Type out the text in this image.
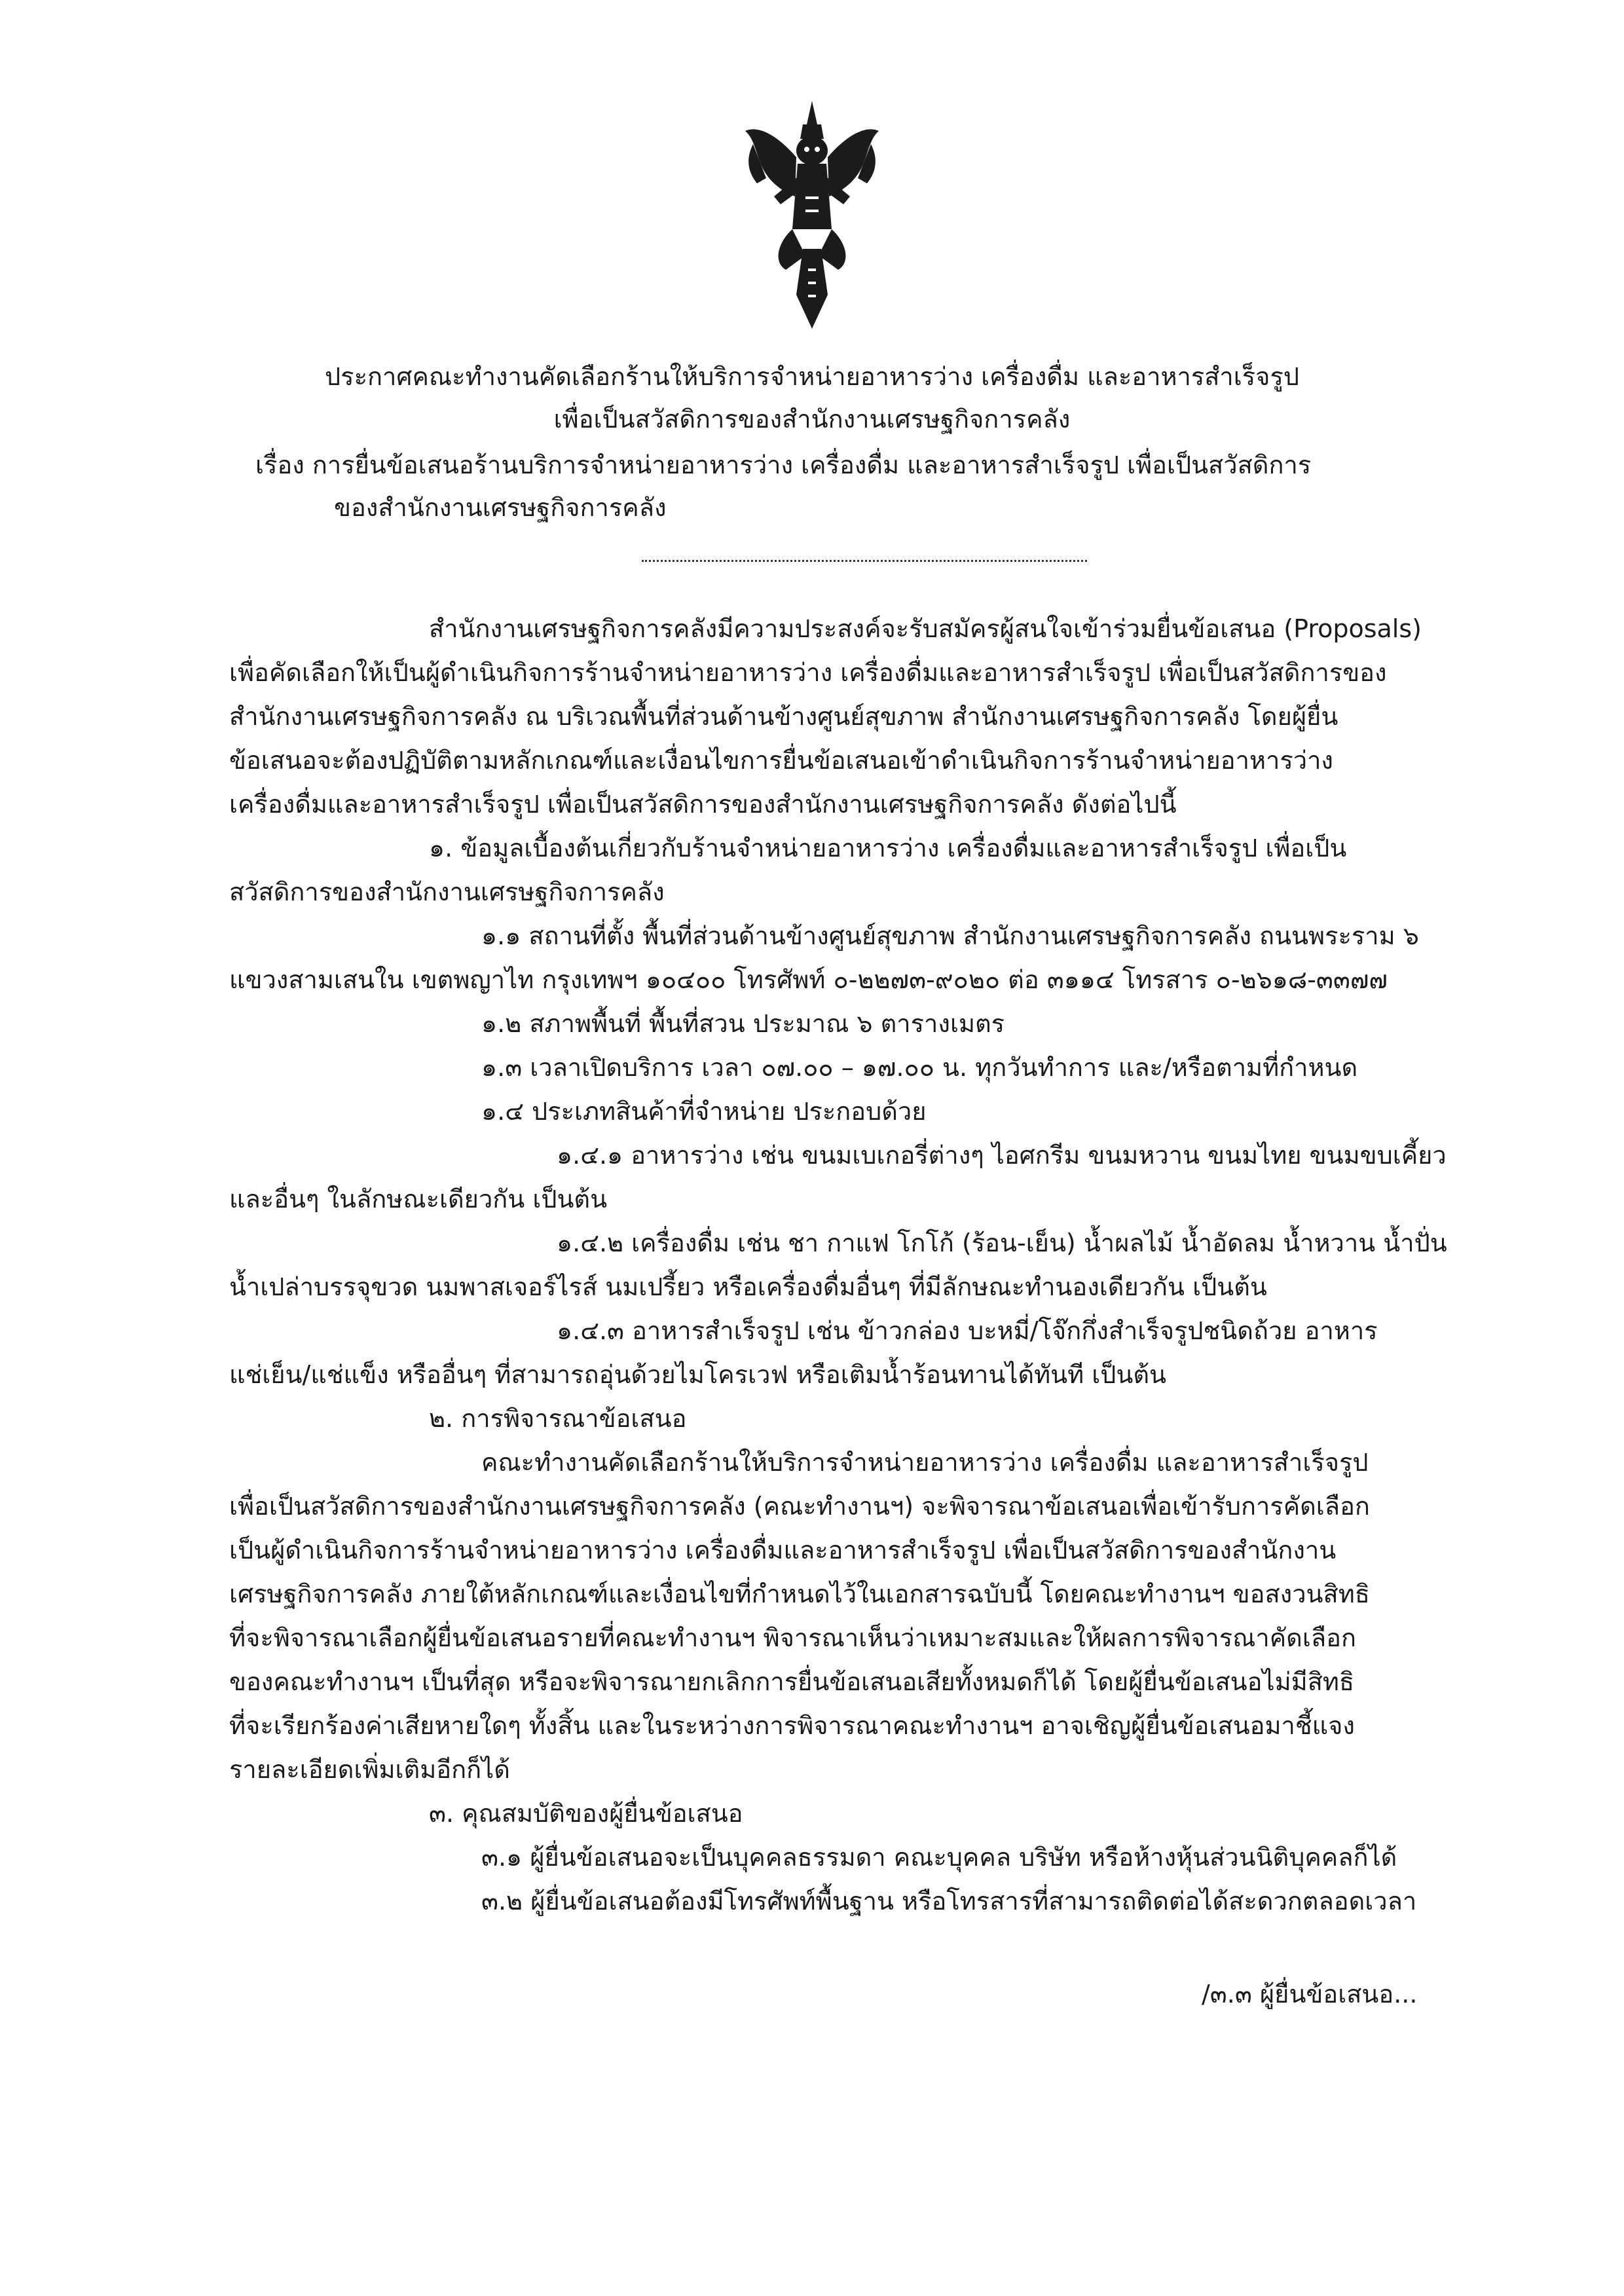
ประกาศคณะทำงานคัดเลือกร้านให้บริการจำหน่ายอาหารว่าง เครื่องดื่ม และอาหารสำเร็จรูป
เพื่อเป็นสวัสดิการของสำนักงานเศรษฐกิจการคลัง
เรื่อง การยื่นข้อเสนอร้านบริการจำหน่ายอาหารว่าง เครื่องดื่ม และอาหารสำเร็จรูป เพื่อเป็นสวัสดิการ
ของสำนักงานเศรษฐกิจการคลัง
สำนักงานเศรษฐกิจการคลังมีความประสงค์จะรับสมัครผู้สนใจเข้าร่วมยื่นข้อเสนอ (Proposals)
เพื่อคัดเลือกให้เป็นผู้ดำเนินกิจการร้านจำหน่ายอาหารว่าง เครื่องดื่มและอาหารสำเร็จรูป เพื่อเป็นสวัสดิการของ
สำนักงานเศรษฐกิจการคลัง ณ บริเวณพื้นที่ส่วนด้านข้างศูนย์สุขภาพ สำนักงานเศรษฐกิจการคลัง โดยผู้ยื่น
ข้อเสนอจะต้องปฏิบัติตามหลักเกณฑ์และเงื่อนไขการยื่นข้อเสนอเข้าดำเนินกิจการร้านจำหน่ายอาหารว่าง
เครื่องดื่มและอาหารสำเร็จรูป เพื่อเป็นสวัสดิการของสำนักงานเศรษฐกิจการคลัง ดังต่อไปนี้
๑. ข้อมูลเบื้องต้นเกี่ยวกับร้านจำหน่ายอาหารว่าง เครื่องดื่มและอาหารสำเร็จรูป เพื่อเป็น
สวัสดิการของสำนักงานเศรษฐกิจการคลัง
๑.๑ สถานที่ตั้ง พื้นที่ส่วนด้านข้างศูนย์สุขภาพ สำนักงานเศรษฐกิจการคลัง ถนนพระราม ๖
แขวงสามเสนใน เขตพญาไท กรุงเทพฯ ๑๐๔๐๐ โทรศัพท์ ๐-๒๒๗๓-๙๐๒๐ ต่อ ๓๑๑๔ โทรสาร ๐-๒๖๑๘-๓๓๗๗
๑.๒ สภาพพื้นที่ พื้นที่สวน ประมาณ ๖ ตารางเมตร
๑.๓ เวลาเปิดบริการ เวลา ๐๗.๐๐ – ๑๗.๐๐ น. ทุกวันทำการ และ/หรือตามที่กำหนด
๑.๔ ประเภทสินค้าที่จำหน่าย ประกอบด้วย
๑.๔.๑ อาหารว่าง เช่น ขนมเบเกอรี่ต่างๆ ไอศกรีม ขนมหวาน ขนมไทย ขนมขบเคี้ยว
และอื่นๆ ในลักษณะเดียวกัน เป็นต้น
๑.๔.๒ เครื่องดื่ม เช่น ชา กาแฟ โกโก้ (ร้อน-เย็น) น้ำผลไม้ น้ำอัดลม น้ำหวาน น้ำปั่น
น้ำเปล่าบรรจุขวด นมพาสเจอร์ไรส์ นมเปรี้ยว หรือเครื่องดื่มอื่นๆ ที่มีลักษณะทำนองเดียวกัน เป็นต้น
๑.๔.๓ อาหารสำเร็จรูป เช่น ข้าวกล่อง บะหมี่/โจ๊กกึ่งสำเร็จรูปชนิดถ้วย อาหาร
แช่เย็น/แช่แข็ง หรืออื่นๆ ที่สามารถอุ่นด้วยไมโครเวฟ หรือเติมน้ำร้อนทานได้ทันที เป็นต้น
๒. การพิจารณาข้อเสนอ
คณะทำงานคัดเลือกร้านให้บริการจำหน่ายอาหารว่าง เครื่องดื่ม และอาหารสำเร็จรูป
เพื่อเป็นสวัสดิการของสำนักงานเศรษฐกิจการคลัง (คณะทำงานฯ) จะพิจารณาข้อเสนอเพื่อเข้ารับการคัดเลือก
เป็นผู้ดำเนินกิจการร้านจำหน่ายอาหารว่าง เครื่องดื่มและอาหารสำเร็จรูป เพื่อเป็นสวัสดิการของสำนักงาน
เศรษฐกิจการคลัง ภายใต้หลักเกณฑ์และเงื่อนไขที่กำหนดไว้ในเอกสารฉบับนี้ โดยคณะทำงานฯ ขอสงวนสิทธิ
ที่จะพิจารณาเลือกผู้ยื่นข้อเสนอรายที่คณะทำงานฯ พิจารณาเห็นว่าเหมาะสมและให้ผลการพิจารณาคัดเลือก
ของคณะทำงานฯ เป็นที่สุด หรือจะพิจารณายกเลิกการยื่นข้อเสนอเสียทั้งหมดก็ได้ โดยผู้ยื่นข้อเสนอไม่มีสิทธิ
ที่จะเรียกร้องค่าเสียหายใดๆ ทั้งสิ้น และในระหว่างการพิจารณาคณะทำงานฯ อาจเชิญผู้ยื่นข้อเสนอมาชี้แจง
รายละเอียดเพิ่มเติมอีกก็ได้
๓. คุณสมบัติของผู้ยื่นข้อเสนอ
๓.๑ ผู้ยื่นข้อเสนอจะเป็นบุคคลธรรมดา คณะบุคคล บริษัท หรือห้างหุ้นส่วนนิติบุคคลก็ได้
๓.๒ ผู้ยื่นข้อเสนอต้องมีโทรศัพท์พื้นฐาน หรือโทรสารที่สามารถติดต่อได้สะดวกตลอดเวลา
/๓.๓ ผู้ยื่นข้อเสนอ...
